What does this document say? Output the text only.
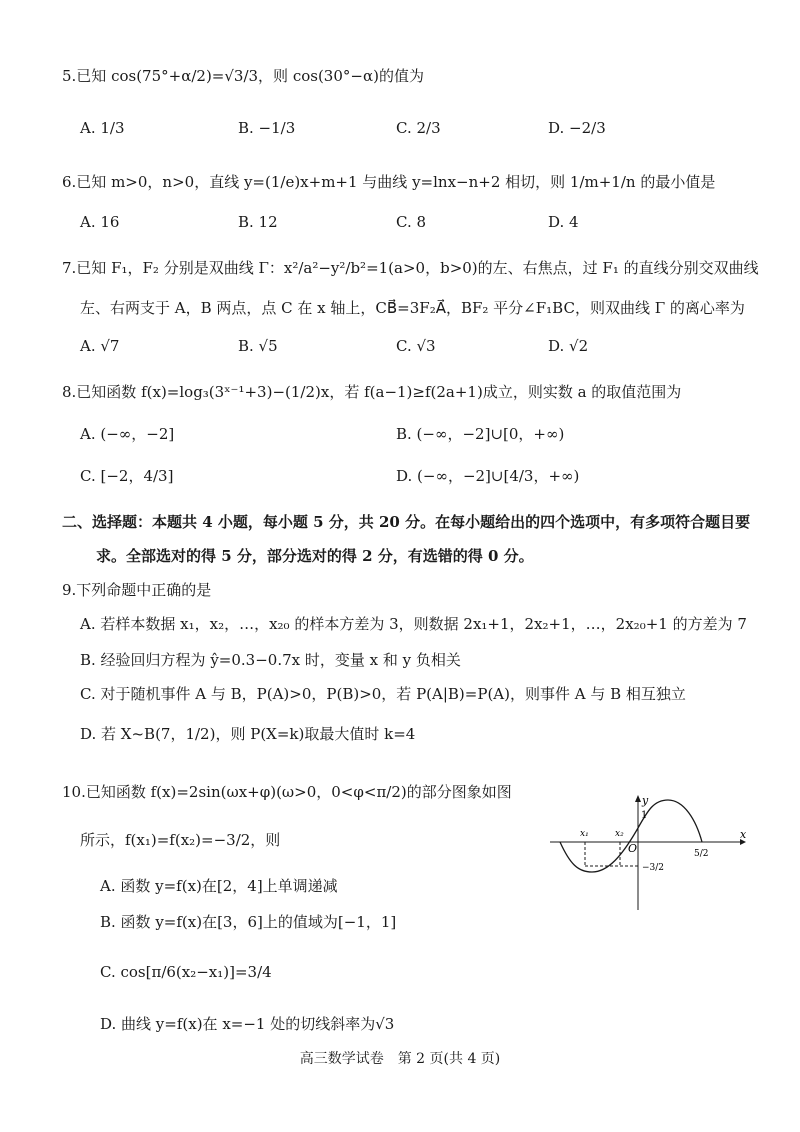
5.已知 cos(75°+α/2)=√3/3，则 cos(30°−α)的值为
A. 1/3	B. −1/3	C. 2/3	D. −2/3
6.已知 m>0，n>0，直线 y=(1/e)x+m+1 与曲线 y=lnx−n+2 相切，则 1/m+1/n 的最小值是
A. 16	B. 12	C. 8	D. 4
7.已知 F₁，F₂ 分别是双曲线 Γ：x²/a²−y²/b²=1(a>0，b>0)的左、右焦点，过 F₁ 的直线分别交双曲线
左、右两支于 A，B 两点，点 C 在 x 轴上，CB⃗=3F₂A⃗，BF₂ 平分∠F₁BC，则双曲线 Γ 的离心率为
A. √7	B. √5	C. √3	D. √2
8.已知函数 f(x)=log₃(3ˣ⁻¹+3)−(1/2)x，若 f(a−1)≥f(2a+1)成立，则实数 a 的取值范围为
A. (−∞，−2]	B. (−∞，−2]∪[0，+∞)
C. [−2，4/3]	D. (−∞，−2]∪[4/3，+∞)
二、选择题：本题共 4 小题，每小题 5 分，共 20 分。在每小题给出的四个选项中，有多项符合题目要
求。全部选对的得 5 分，部分选对的得 2 分，有选错的得 0 分。
9.下列命题中正确的是
A. 若样本数据 x₁，x₂，…，x₂₀ 的样本方差为 3，则数据 2x₁+1，2x₂+1，…，2x₂₀+1 的方差为 7
B. 经验回归方程为 ŷ=0.3−0.7x 时，变量 x 和 y 负相关
C. 对于随机事件 A 与 B，P(A)>0，P(B)>0，若 P(A|B)=P(A)，则事件 A 与 B 相互独立
D. 若 X~B(7，1/2)，则 P(X=k)取最大值时 k=4
10.已知函数 f(x)=2sin(ωx+φ)(ω>0，0<φ<π/2)的部分图象如图
所示，f(x₁)=f(x₂)=−3/2，则
A. 函数 y=f(x)在[2，4]上单调递减
B. 函数 y=f(x)在[3，6]上的值域为[−1，1]
C. cos[π/6(x₂−x₁)]=3/4
D. 曲线 y=f(x)在 x=−1 处的切线斜率为√3
y
x
O
1
x₁	x₂
5/2
−3/2
高三数学试卷　第 2 页(共 4 页)
